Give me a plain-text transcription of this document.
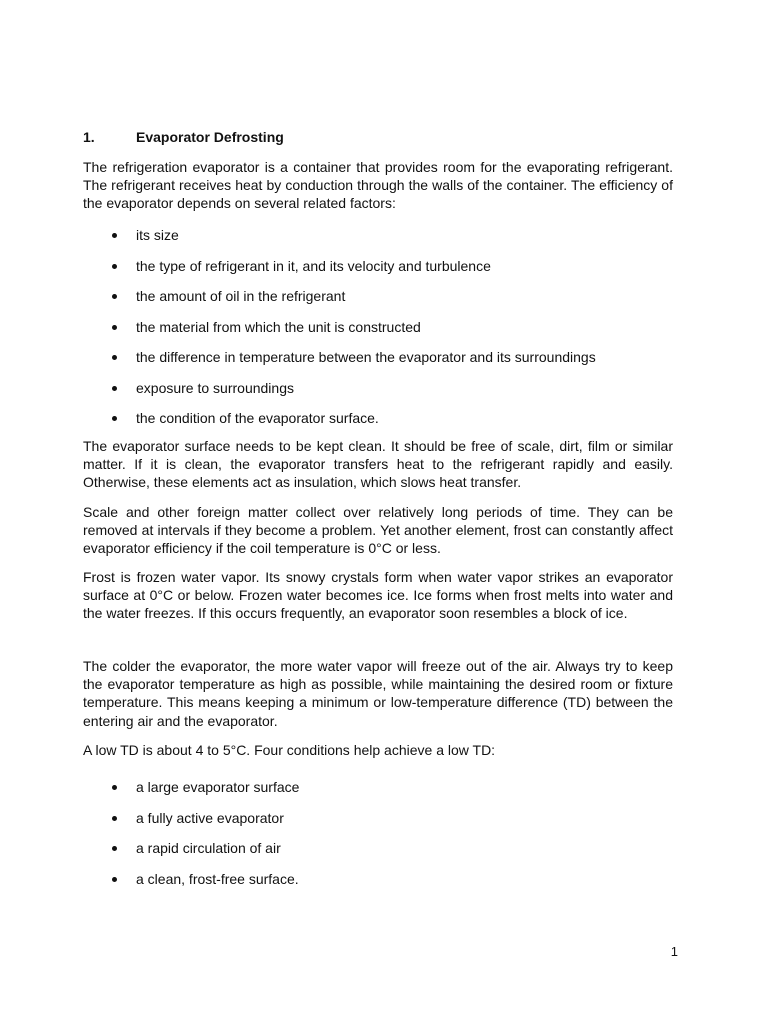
1.	Evaporator Defrosting

The refrigeration evaporator is a container that provides room for the evaporating refrigerant. The refrigerant receives heat by conduction through the walls of the container. The efficiency of the evaporator depends on several related factors:

its size
the type of refrigerant in it, and its velocity and turbulence
the amount of oil in the refrigerant
the material from which the unit is constructed
the difference in temperature between the evaporator and its surroundings
exposure to surroundings
the condition of the evaporator surface.

The evaporator surface needs to be kept clean. It should be free of scale, dirt, film or similar matter. If it is clean, the evaporator transfers heat to the refrigerant rapidly and easily. Otherwise, these elements act as insulation, which slows heat transfer.

Scale and other foreign matter collect over relatively long periods of time. They can be removed at intervals if they become a problem. Yet another element, frost can constantly affect evaporator efficiency if the coil temperature is 0°C or less.

Frost is frozen water vapor. Its snowy crystals form when water vapor strikes an evaporator surface at 0°C or below. Frozen water becomes ice. Ice forms when frost melts into water and the water freezes. If this occurs frequently, an evaporator soon resembles a block of ice.

The colder the evaporator, the more water vapor will freeze out of the air. Always try to keep the evaporator temperature as high as possible, while maintaining the desired room or fixture temperature. This means keeping a minimum or low-temperature difference (TD) between the entering air and the evaporator.

A low TD is about 4 to 5°C. Four conditions help achieve a low TD:

a large evaporator surface
a fully active evaporator
a rapid circulation of air
a clean, frost-free surface.
1
